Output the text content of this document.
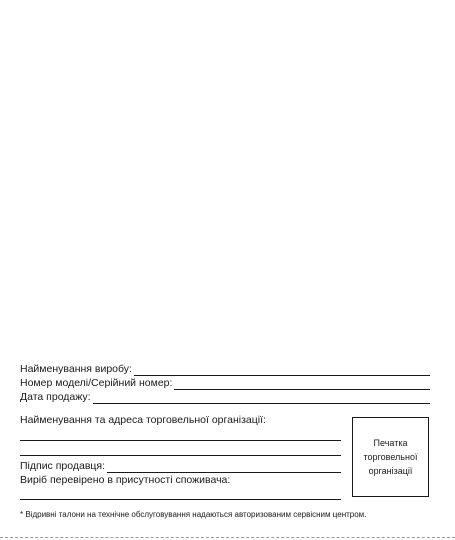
Найменування виробу:
Номер моделі/Серійний номер:
Дата продажу:
Найменування та адреса торговельної організації:
Підпис продавця:
Виріб перевірено в присутності споживача:
Печатка
торговельної
організації
* Відривні талони на технічне обслуговування надаються авторизованим сервісним центром.
